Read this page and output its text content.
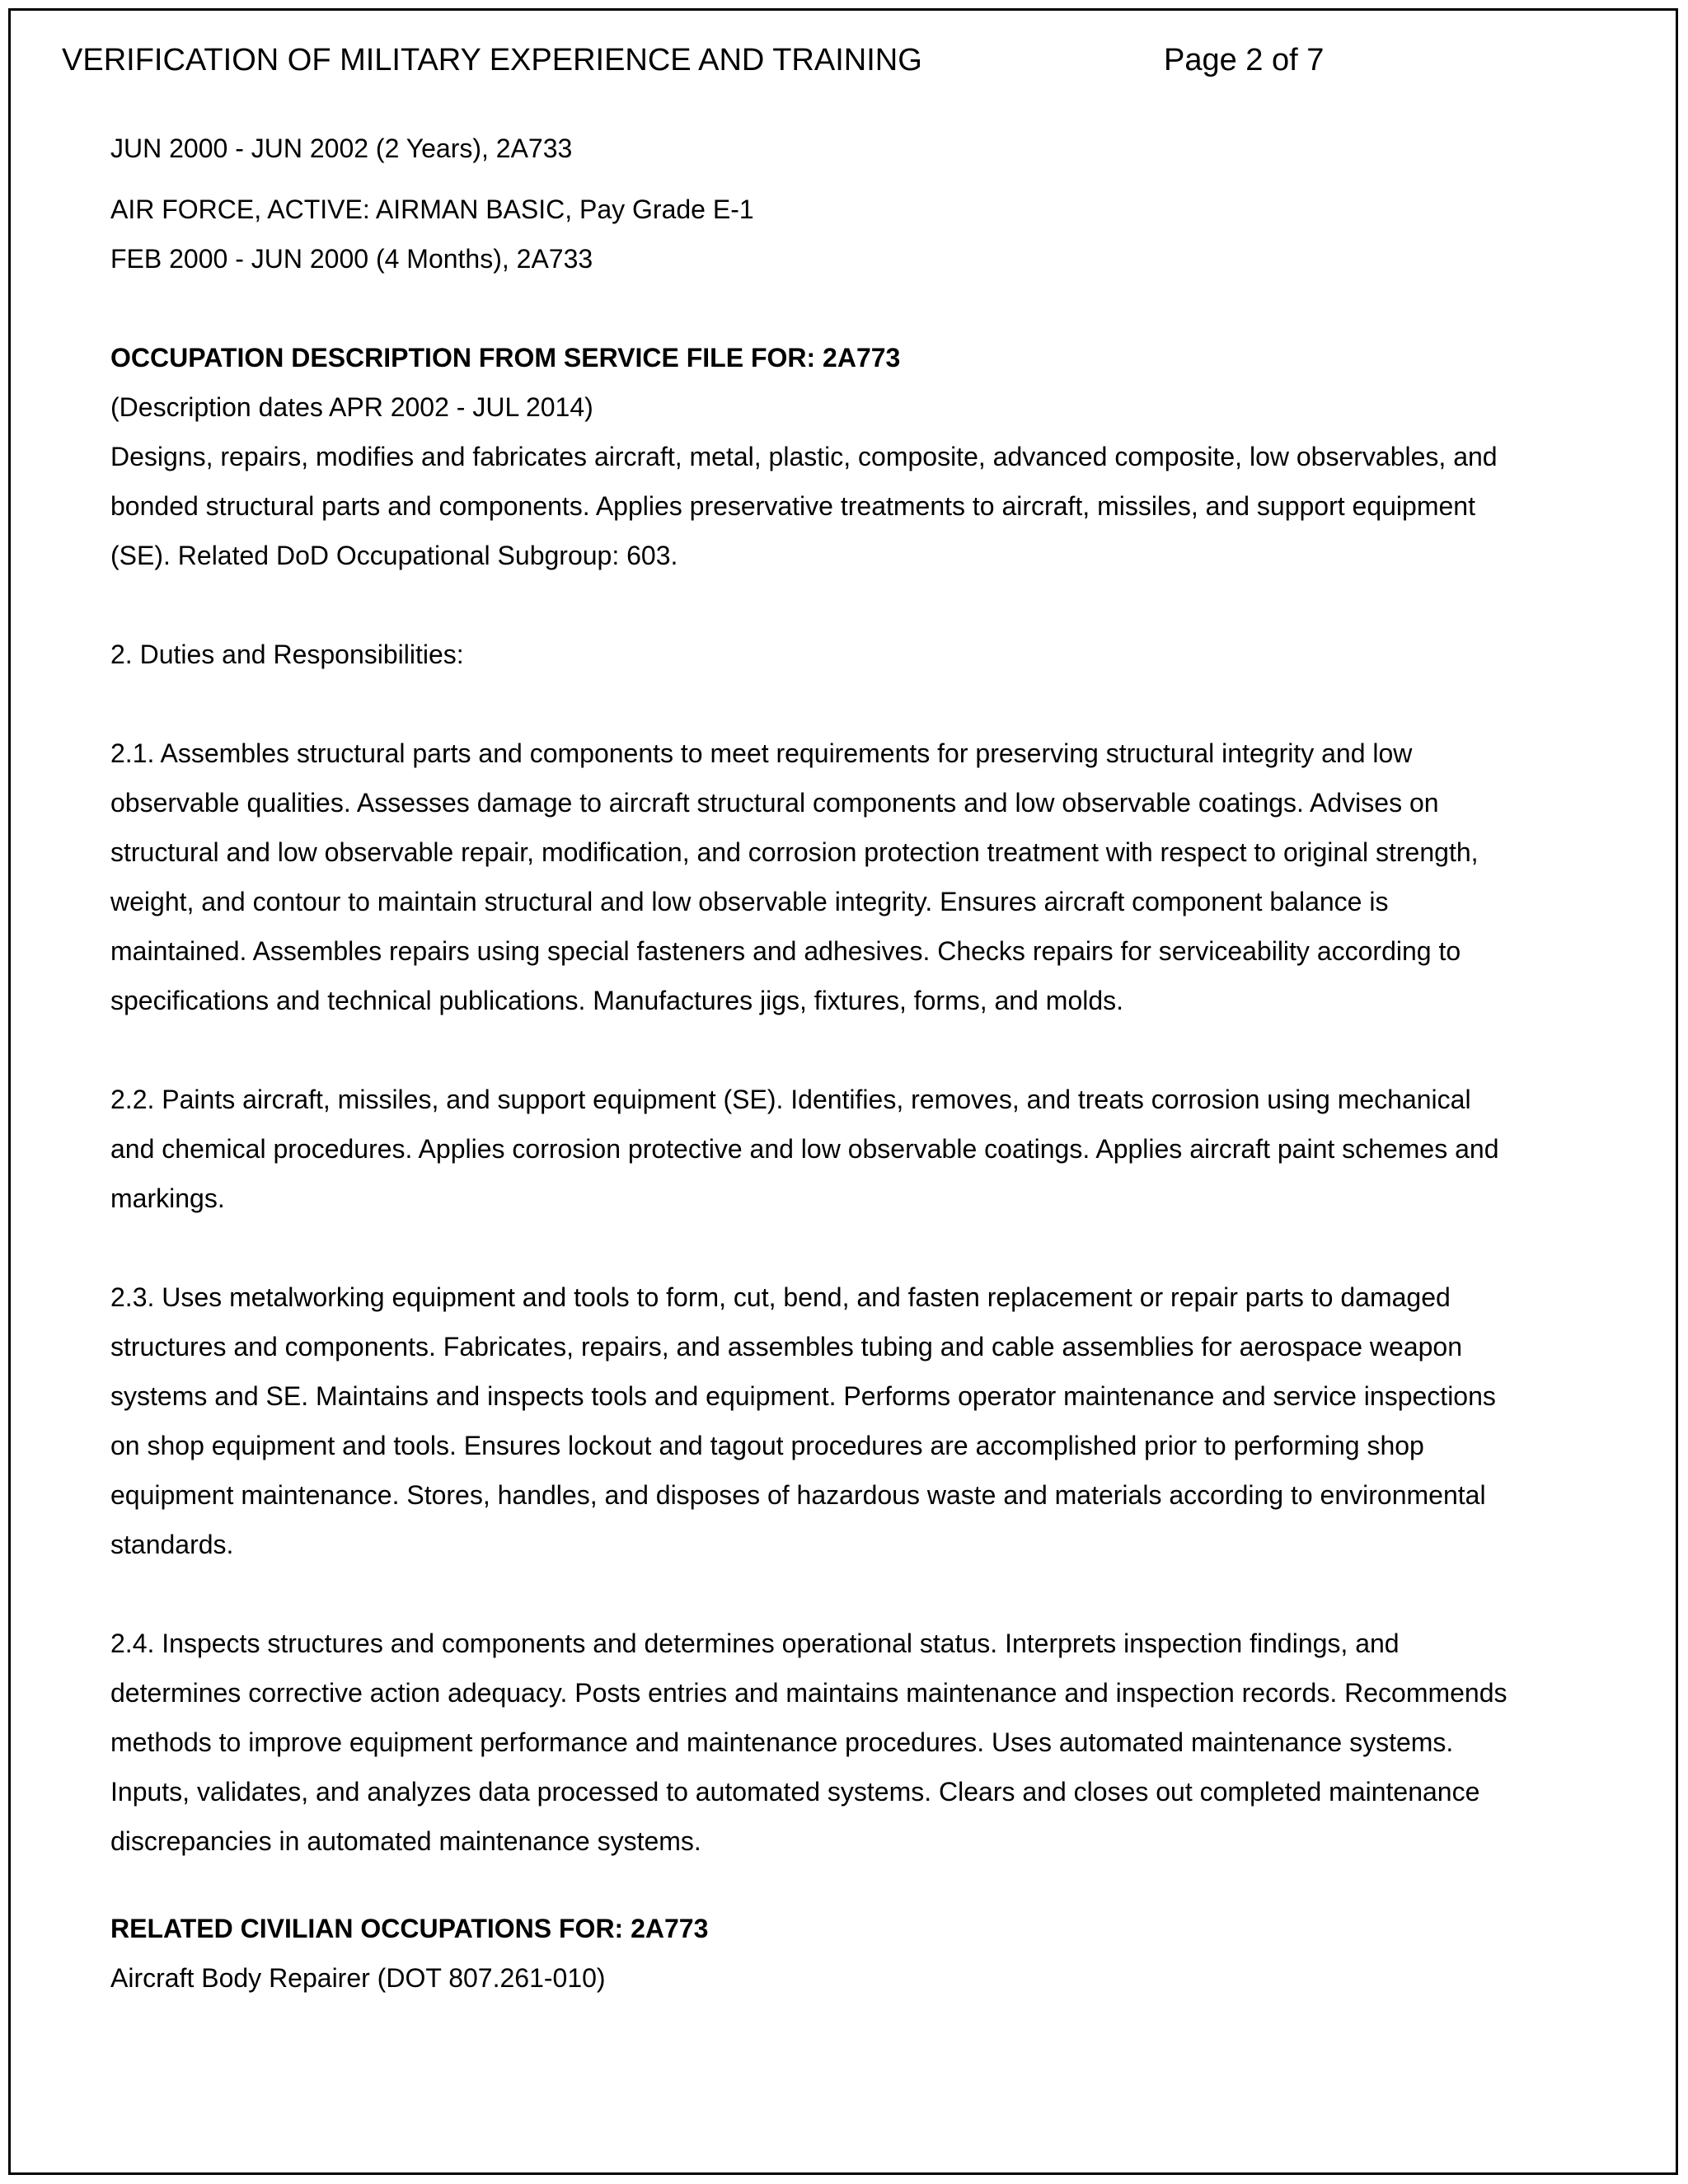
VERIFICATION OF MILITARY EXPERIENCE AND TRAINING	Page 2 of 7

JUN 2000 - JUN 2002 (2 Years), 2A733

AIR FORCE, ACTIVE: AIRMAN BASIC, Pay Grade E-1

FEB 2000 - JUN 2000 (4 Months), 2A733

OCCUPATION DESCRIPTION FROM SERVICE FILE FOR: 2A773

(Description dates APR 2002 - JUL 2014)

Designs, repairs, modifies and fabricates aircraft, metal, plastic, composite, advanced composite, low observables, and

bonded structural parts and components. Applies preservative treatments to aircraft, missiles, and support equipment

(SE). Related DoD Occupational Subgroup: 603.

2. Duties and Responsibilities:

2.1. Assembles structural parts and components to meet requirements for preserving structural integrity and low

observable qualities. Assesses damage to aircraft structural components and low observable coatings. Advises on

structural and low observable repair, modification, and corrosion protection treatment with respect to original strength,

weight, and contour to maintain structural and low observable integrity. Ensures aircraft component balance is

maintained. Assembles repairs using special fasteners and adhesives. Checks repairs for serviceability according to

specifications and technical publications. Manufactures jigs, fixtures, forms, and molds.

2.2. Paints aircraft, missiles, and support equipment (SE). Identifies, removes, and treats corrosion using mechanical

and chemical procedures. Applies corrosion protective and low observable coatings. Applies aircraft paint schemes and

markings.

2.3. Uses metalworking equipment and tools to form, cut, bend, and fasten replacement or repair parts to damaged

structures and components. Fabricates, repairs, and assembles tubing and cable assemblies for aerospace weapon

systems and SE. Maintains and inspects tools and equipment. Performs operator maintenance and service inspections

on shop equipment and tools. Ensures lockout and tagout procedures are accomplished prior to performing shop

equipment maintenance. Stores, handles, and disposes of hazardous waste and materials according to environmental

standards.

2.4. Inspects structures and components and determines operational status. Interprets inspection findings, and

determines corrective action adequacy. Posts entries and maintains maintenance and inspection records. Recommends

methods to improve equipment performance and maintenance procedures. Uses automated maintenance systems.

Inputs, validates, and analyzes data processed to automated systems. Clears and closes out completed maintenance

discrepancies in automated maintenance systems.

RELATED CIVILIAN OCCUPATIONS FOR: 2A773

Aircraft Body Repairer (DOT 807.261-010)
